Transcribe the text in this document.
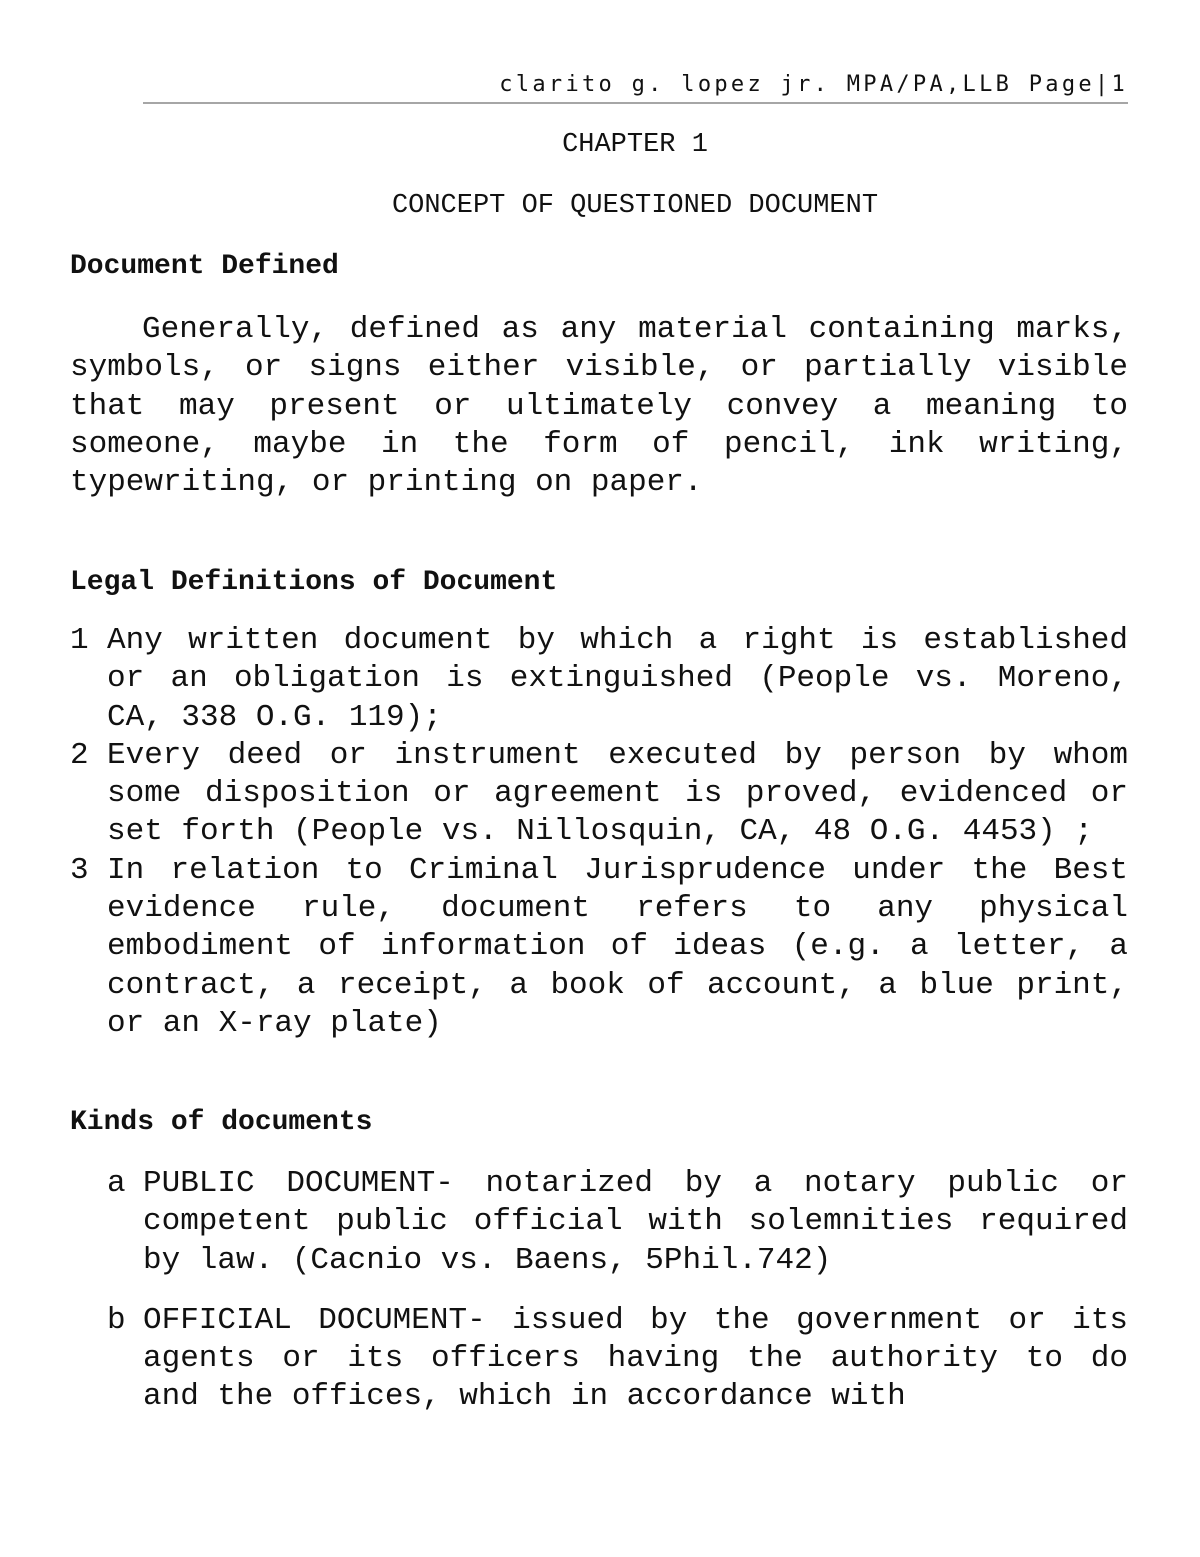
clarito g. lopez jr. MPA/PA,LLB Page|1
CHAPTER 1
CONCEPT OF QUESTIONED DOCUMENT
Document Defined
Generally, defined as any material containing marks, symbols, or signs either visible, or partially visible that may present or ultimately convey a meaning to someone, maybe in the form of pencil, ink writing, typewriting, or printing on paper.
Legal Definitions of Document
1 Any written document by which a right is established or an obligation is extinguished (People vs. Moreno, CA, 338 O.G. 119);
2 Every deed or instrument executed by person by whom some disposition or agreement is proved, evidenced or set forth (People vs. Nillosquin, CA, 48 O.G. 4453) ;
3 In relation to Criminal Jurisprudence under the Best evidence rule, document refers to any physical embodiment of information of ideas (e.g. a letter, a contract, a receipt, a book of account, a blue print, or an X-ray plate)
Kinds of documents
a PUBLIC DOCUMENT- notarized by a notary public or competent public official with solemnities required by law. (Cacnio vs. Baens, 5Phil.742)
b OFFICIAL DOCUMENT- issued by the government or its agents or its officers having the authority to do and the offices, which in accordance with
